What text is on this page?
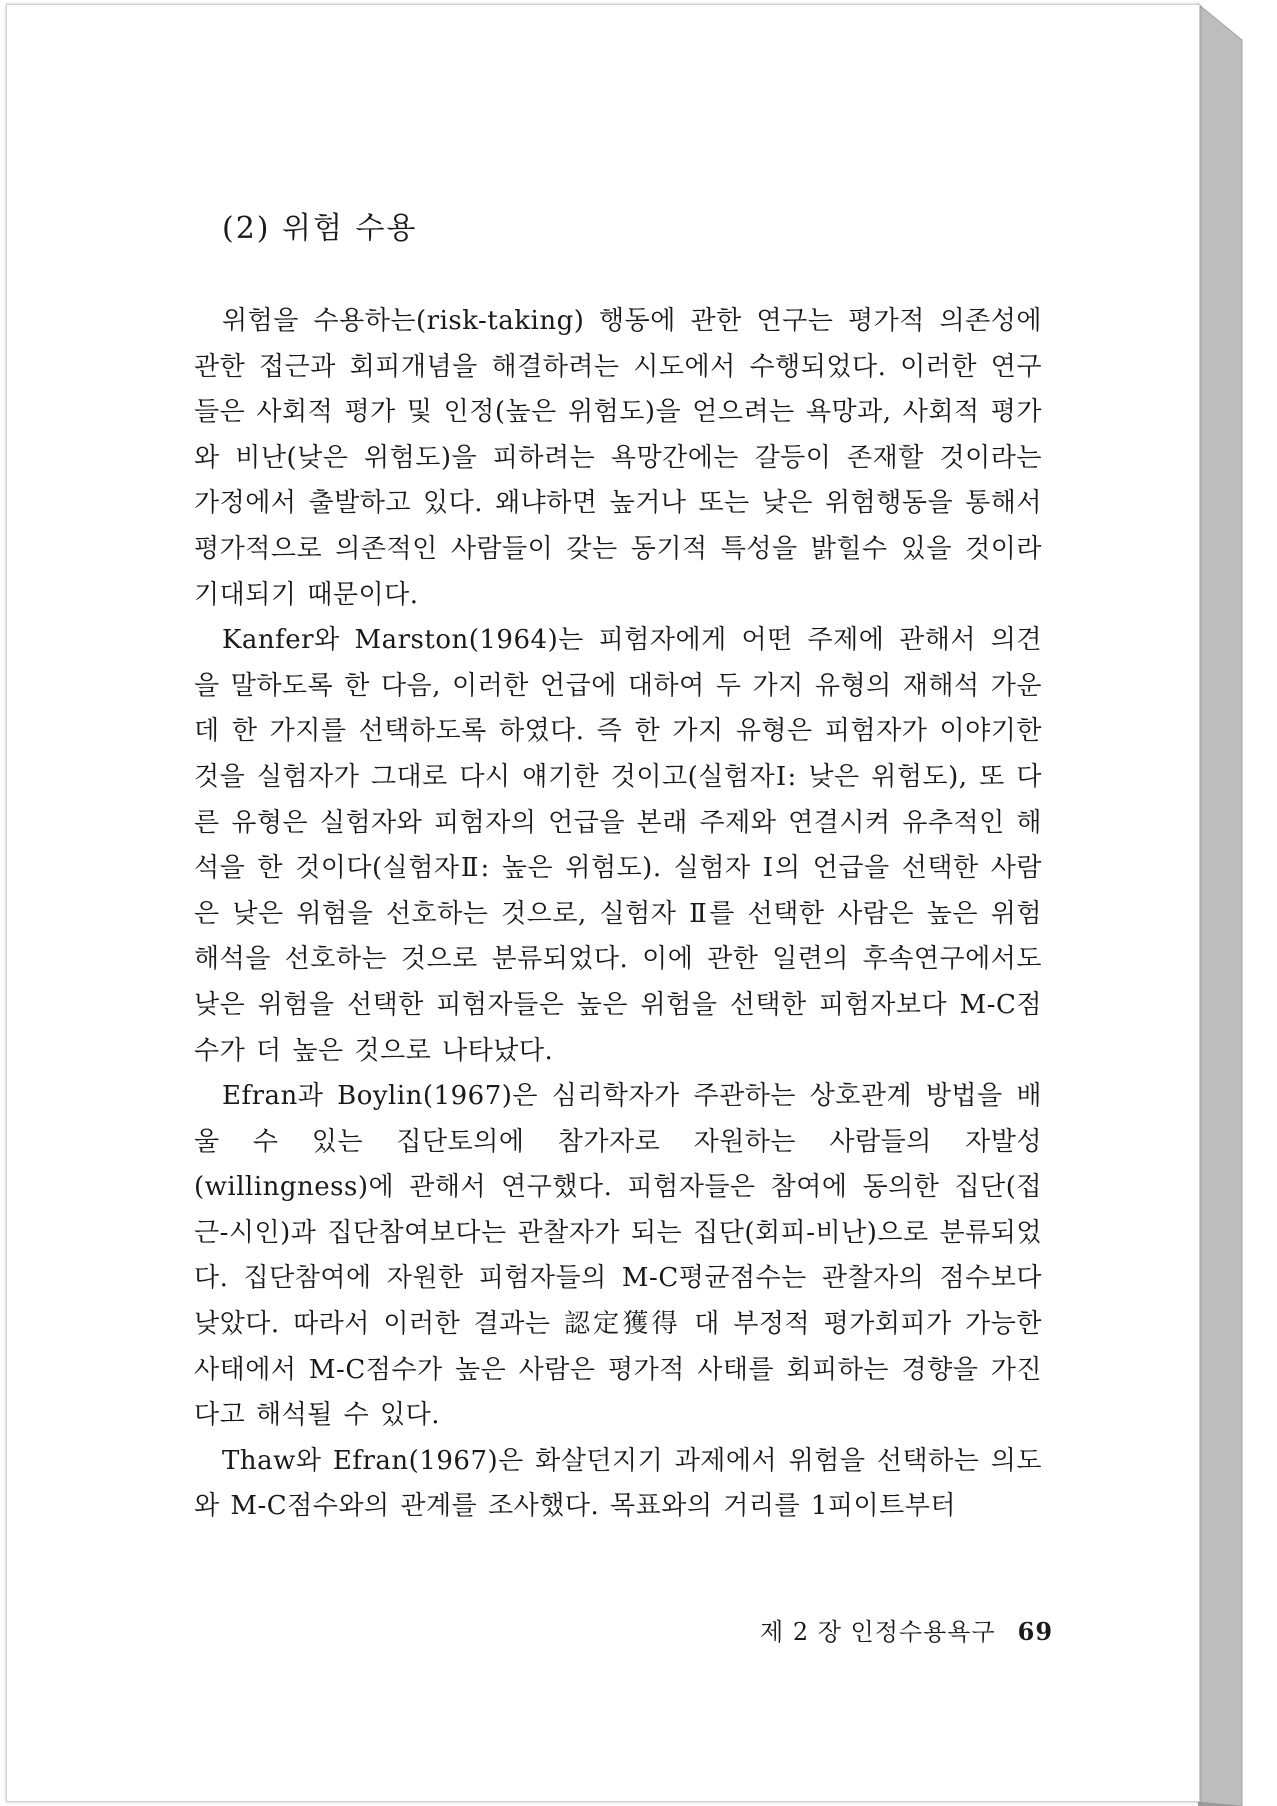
(2) 위험 수용

위험을 수용하는(risk-taking) 행동에 관한 연구는 평가적 의존성에 관한 접근과 회피개념을 해결하려는 시도에서 수행되었다. 이러한 연구들은 사회적 평가 및 인정(높은 위험도)을 얻으려는 욕망과, 사회적 평가와 비난(낮은 위험도)을 피하려는 욕망간에는 갈등이 존재할 것이라는 가정에서 출발하고 있다. 왜냐하면 높거나 또는 낮은 위험행동을 통해서 평가적으로 의존적인 사람들이 갖는 동기적 특성을 밝힐수 있을 것이라 기대되기 때문이다.

Kanfer와 Marston(1964)는 피험자에게 어떤 주제에 관해서 의견을 말하도록 한 다음, 이러한 언급에 대하여 두 가지 유형의 재해석 가운데 한 가지를 선택하도록 하였다. 즉 한 가지 유형은 피험자가 이야기한 것을 실험자가 그대로 다시 얘기한 것이고(실험자Ⅰ: 낮은 위험도), 또 다른 유형은 실험자와 피험자의 언급을 본래 주제와 연결시켜 유추적인 해석을 한 것이다(실험자Ⅱ: 높은 위험도). 실험자 Ⅰ의 언급을 선택한 사람은 낮은 위험을 선호하는 것으로, 실험자 Ⅱ를 선택한 사람은 높은 위험해석을 선호하는 것으로 분류되었다. 이에 관한 일련의 후속연구에서도 낮은 위험을 선택한 피험자들은 높은 위험을 선택한 피험자보다 M-C점수가 더 높은 것으로 나타났다.

Efran과 Boylin(1967)은 심리학자가 주관하는 상호관계 방법을 배울 수 있는 집단토의에 참가자로 자원하는 사람들의 자발성(willingness)에 관해서 연구했다. 피험자들은 참여에 동의한 집단(접근-시인)과 집단참여보다는 관찰자가 되는 집단(회피-비난)으로 분류되었다. 집단참여에 자원한 피험자들의 M-C평균점수는 관찰자의 점수보다 낮았다. 따라서 이러한 결과는 認定獲得 대 부정적 평가회피가 가능한 사태에서 M-C점수가 높은 사람은 평가적 사태를 회피하는 경향을 가진다고 해석될 수 있다.

Thaw와 Efran(1967)은 화살던지기 과제에서 위험을 선택하는 의도와 M-C점수와의 관계를 조사했다. 목표와의 거리를 1피이트부터

제 2 장 인정수용욕구 69
